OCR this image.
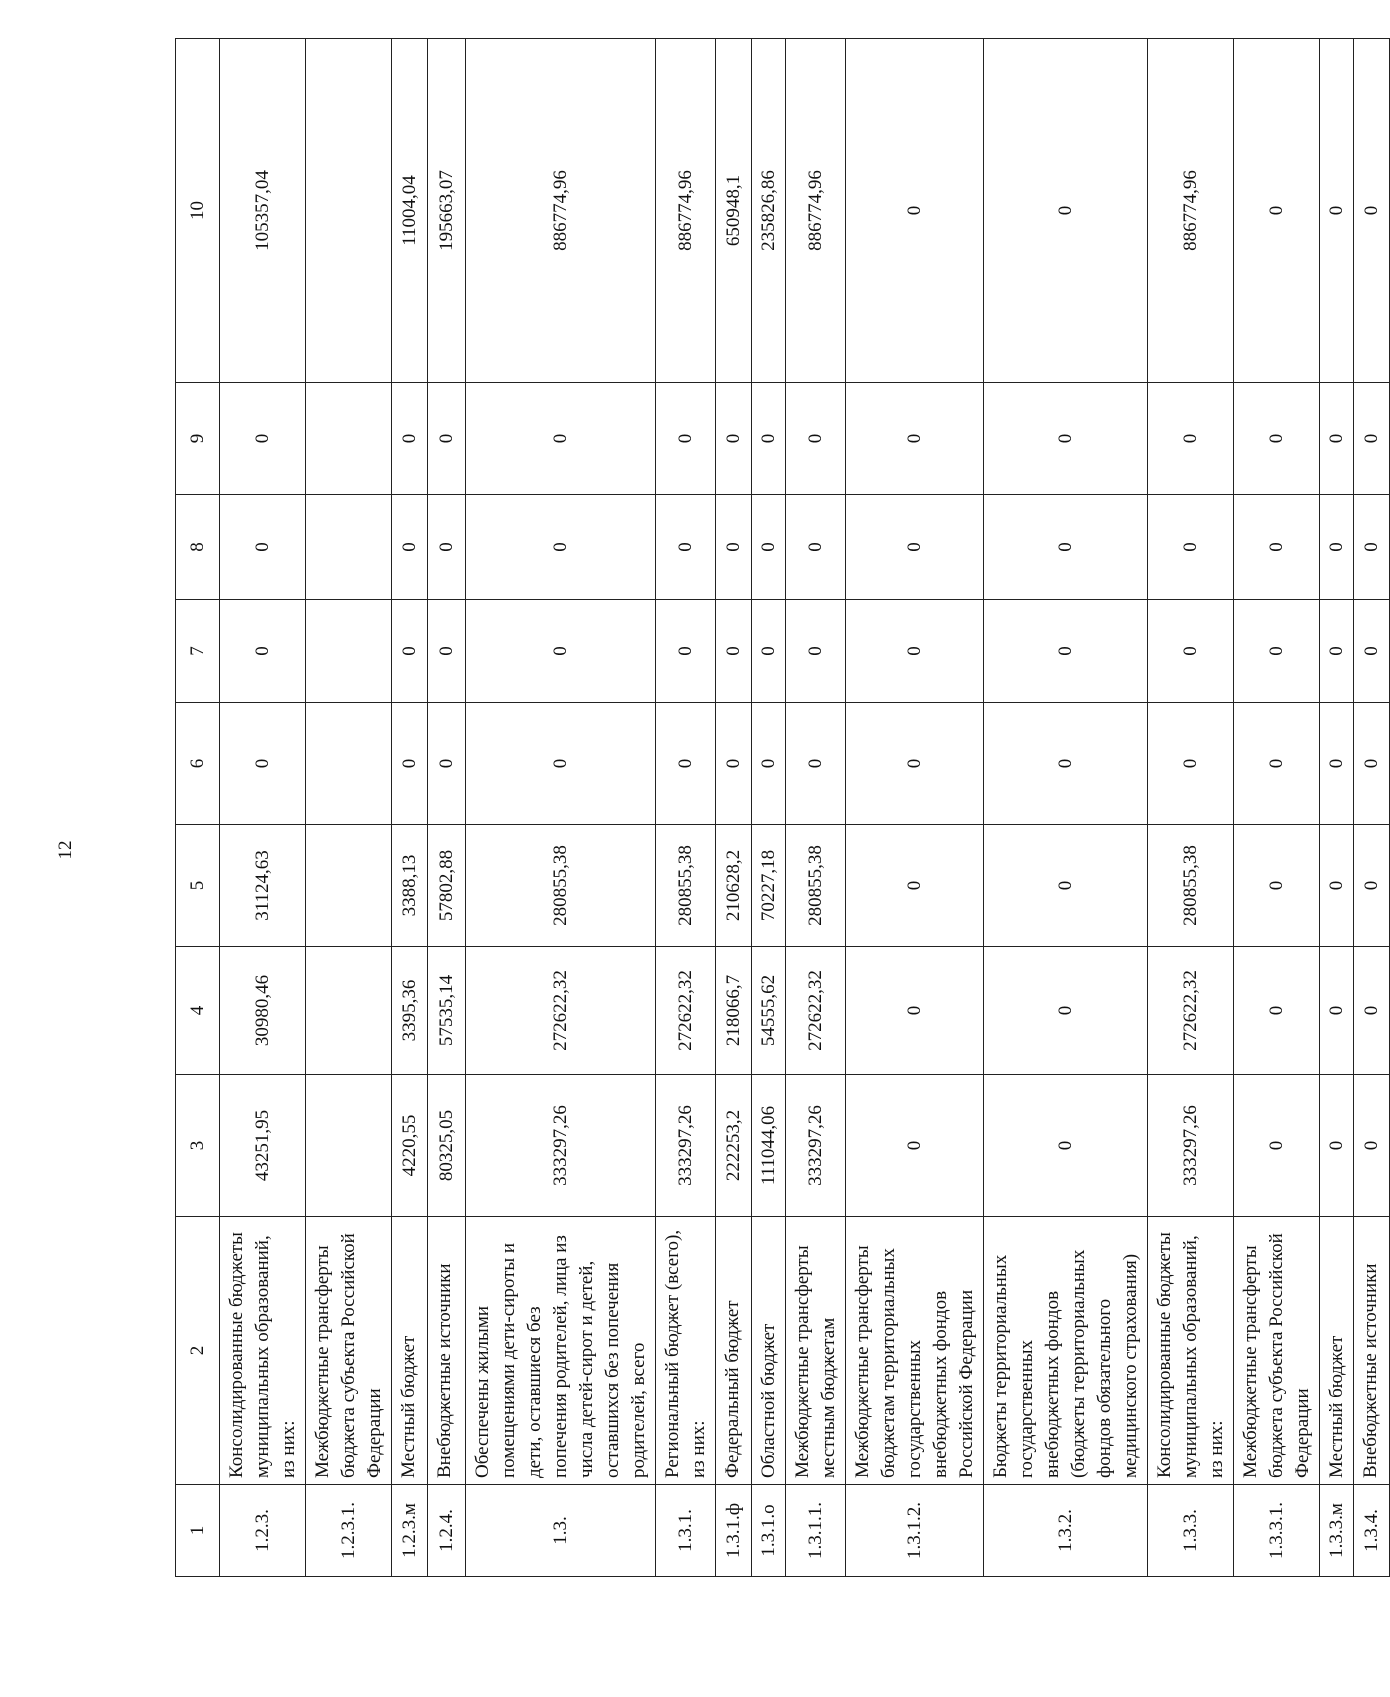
12
1	2	3	4	5	6	7	8	9	10
1.2.3.	Консолидированные бюджеты муниципальных образований, из них:	43251,95	30980,46	31124,63	0	0	0	0	105357,04
1.2.3.1.	Межбюджетные трансферты бюджета субъекта Российской Федерации								
1.2.3.м	Местный бюджет	4220,55	3395,36	3388,13	0	0	0	0	11004,04
1.2.4.	Внебюджетные источники	80325,05	57535,14	57802,88	0	0	0	0	195663,07
1.3.	Обеспечены жилыми помещениями дети-сироты и дети, оставшиеся без попечения родителей, лица из числа детей-сирот и детей, оставшихся без попечения родителей, всего	333297,26	272622,32	280855,38	0	0	0	0	886774,96
1.3.1.	Региональный бюджет (всего), из них:	333297,26	272622,32	280855,38	0	0	0	0	886774,96
1.3.1.ф	Федеральный бюджет	222253,2	218066,7	210628,2	0	0	0	0	650948,1
1.3.1.о	Областной бюджет	111044,06	54555,62	70227,18	0	0	0	0	235826,86
1.3.1.1.	Межбюджетные трансферты местным бюджетам	333297,26	272622,32	280855,38	0	0	0	0	886774,96
1.3.1.2.	Межбюджетные трансферты бюджетам территориальных государственных внебюджетных фондов Российской Федерации	0	0	0	0	0	0	0	0
1.3.2.	Бюджеты территориальных государственных внебюджетных фондов (бюджеты территориальных фондов обязательного медицинского страхования)	0	0	0	0	0	0	0	0
1.3.3.	Консолидированные бюджеты муниципальных образований, из них:	333297,26	272622,32	280855,38	0	0	0	0	886774,96
1.3.3.1.	Межбюджетные трансферты бюджета субъекта Российской Федерации	0	0	0	0	0	0	0	0
1.3.3.м	Местный бюджет	0	0	0	0	0	0	0	0
1.3.4.	Внебюджетные источники	0	0	0	0	0	0	0	0
